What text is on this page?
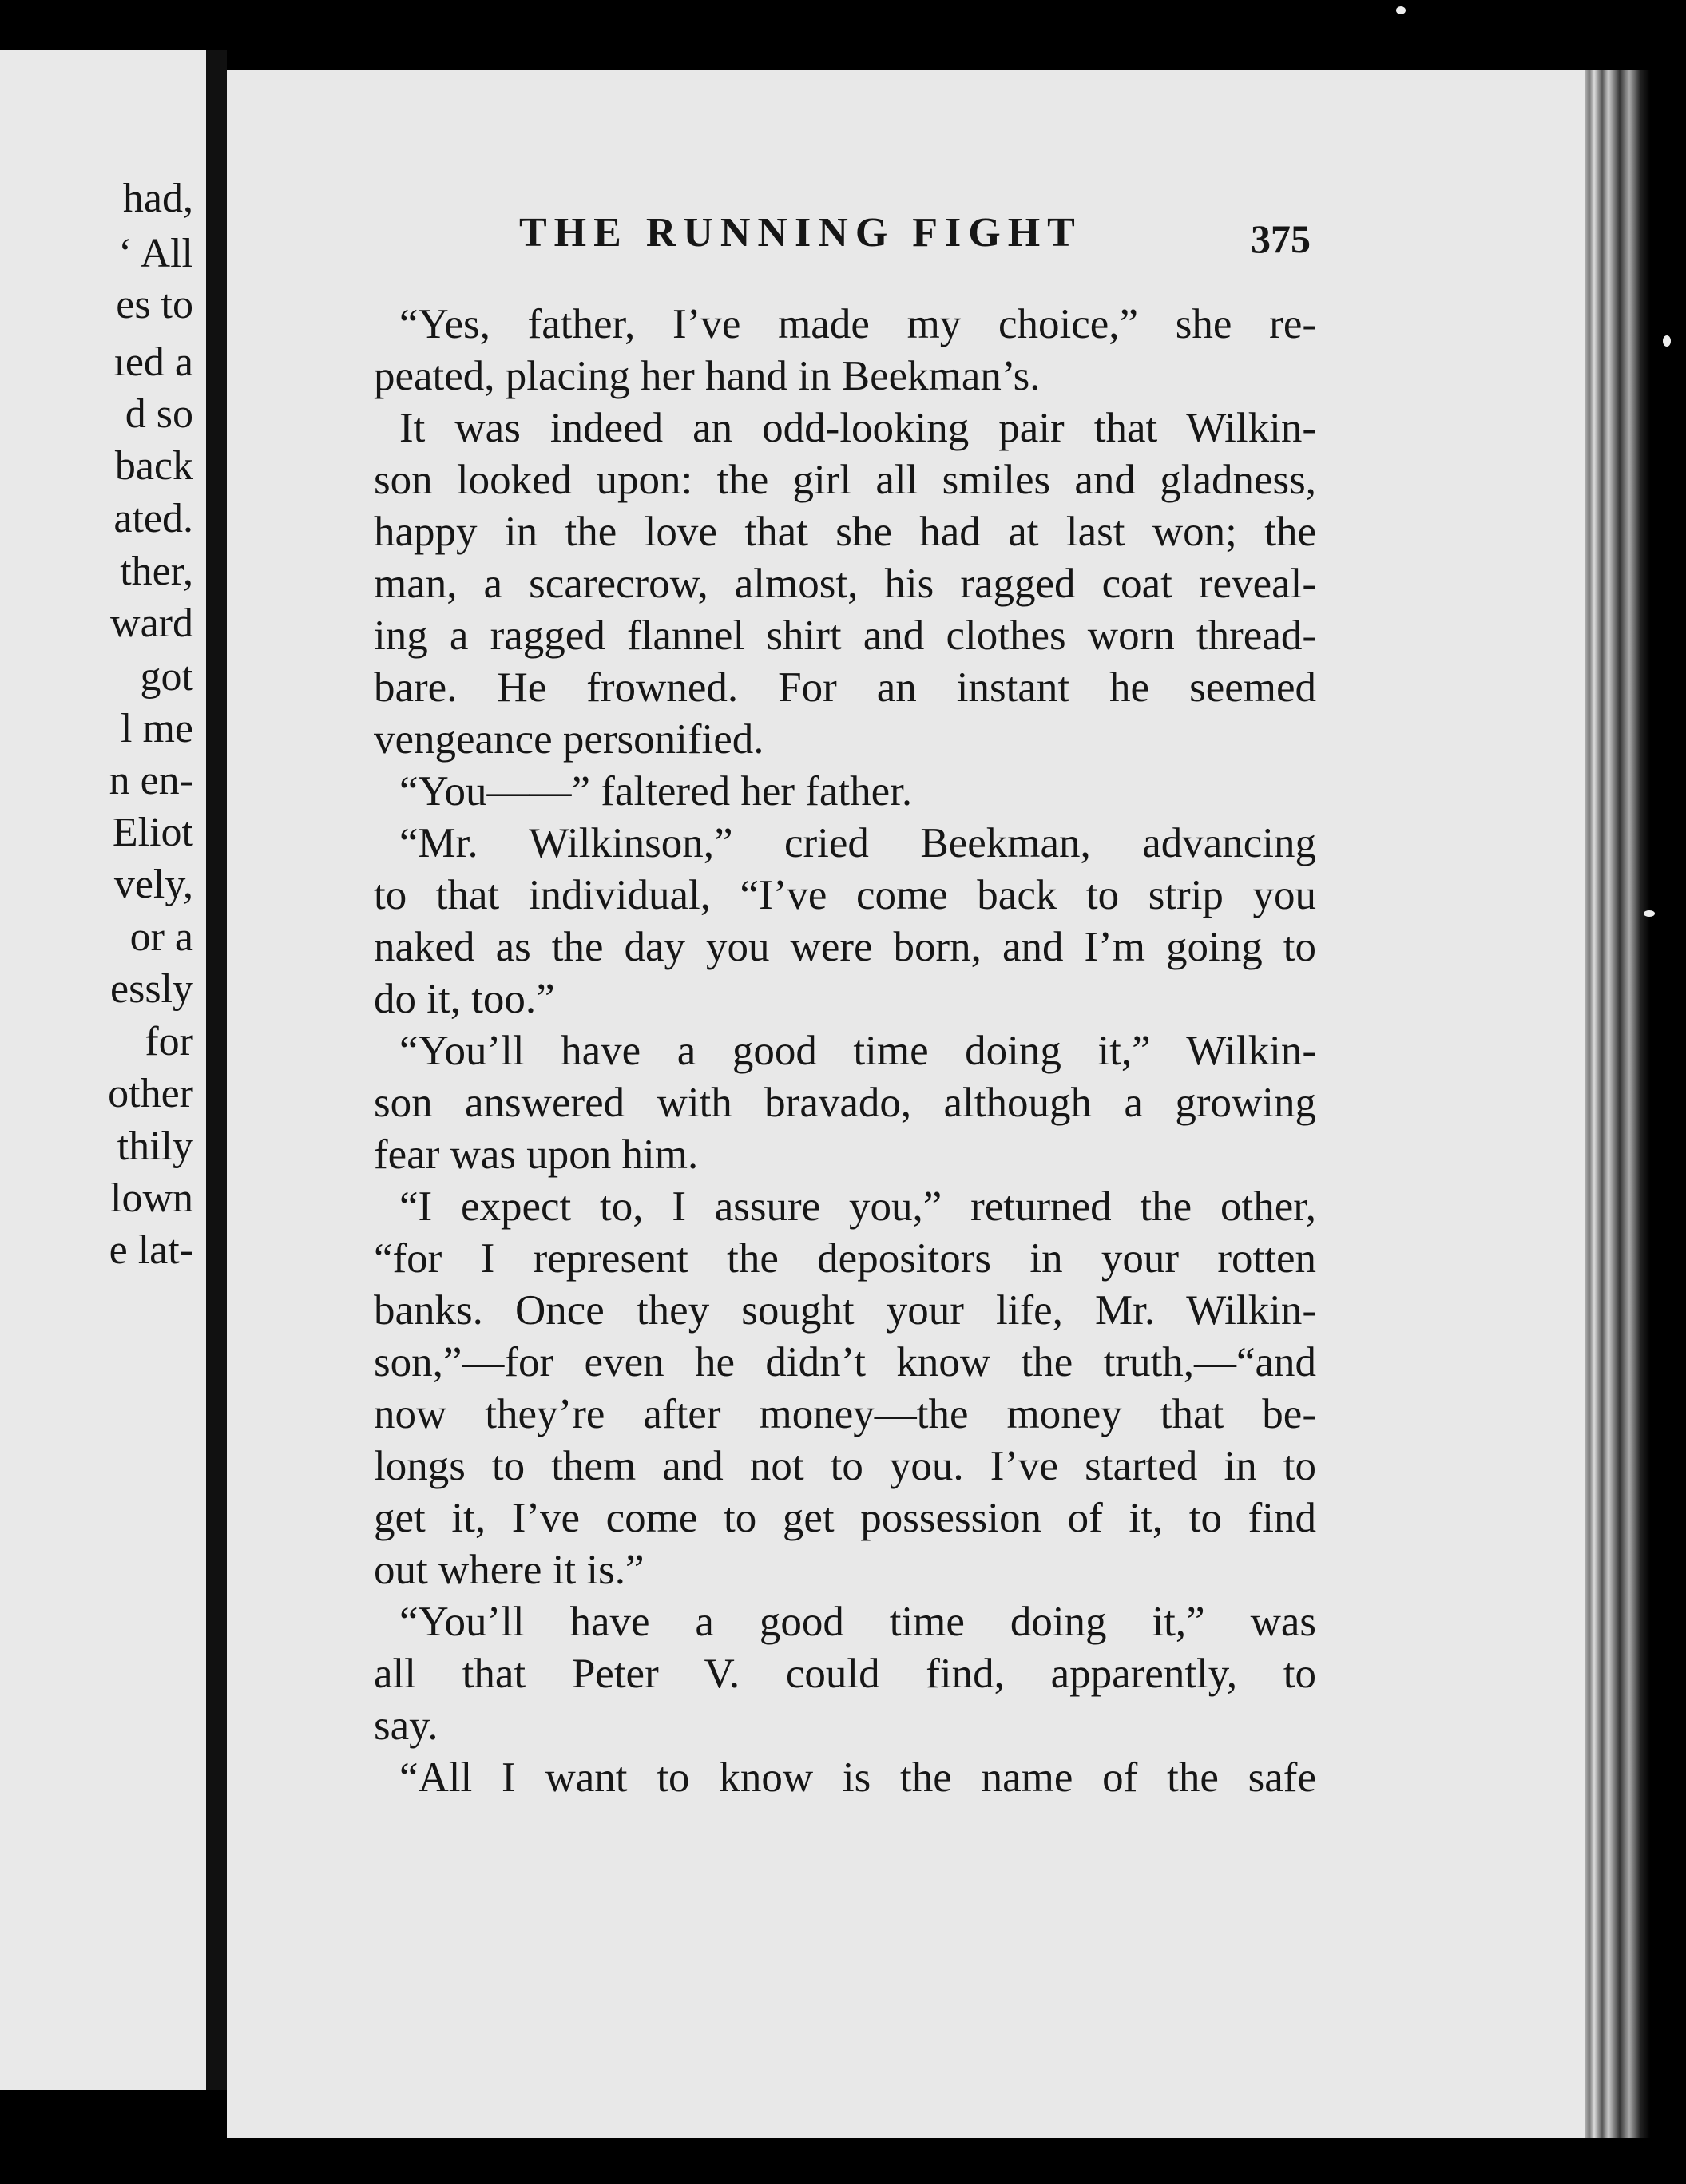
had,
‘ All
es to
ıed a
d so
back
ated.
ther,
ward
got
l me
n en-
Eliot
vely,
or a
essly
for
other
thily
lown
e lat-
THE RUNNING FIGHT	375
“Yes, father, I’ve made my choice,” she re-
peated, placing her hand in Beekman’s.
It was indeed an odd-looking pair that Wilkin-
son looked upon: the girl all smiles and gladness,
happy in the love that she had at last won; the
man, a scarecrow, almost, his ragged coat reveal-
ing a ragged flannel shirt and clothes worn thread-
bare. He frowned. For an instant he seemed
vengeance personified.
“You——” faltered her father.
“Mr. Wilkinson,” cried Beekman, advancing
to that individual, “I’ve come back to strip you
naked as the day you were born, and I’m going to
do it, too.”
“You’ll have a good time doing it,” Wilkin-
son answered with bravado, although a growing
fear was upon him.
“I expect to, I assure you,” returned the other,
“for I represent the depositors in your rotten
banks. Once they sought your life, Mr. Wilkin-
son,”—for even he didn’t know the truth,—“and
now they’re after money—the money that be-
longs to them and not to you. I’ve started in to
get it, I’ve come to get possession of it, to find
out where it is.”
“You’ll have a good time doing it,” was
all that Peter V. could find, apparently, to
say.
“All I want to know is the name of the safe
